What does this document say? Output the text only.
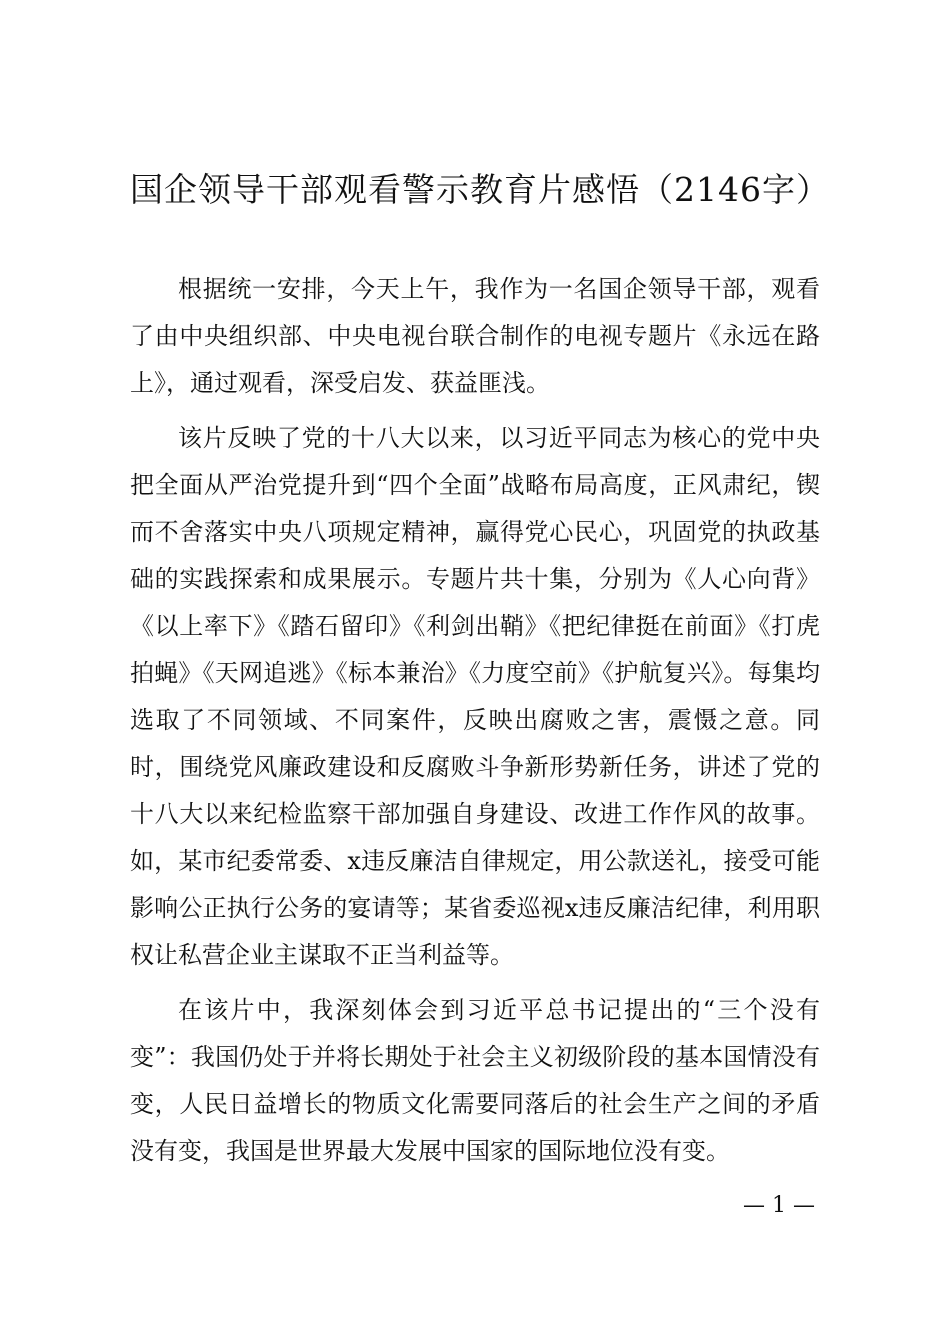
国企领导干部观看警示教育片感悟（2146字）

根据统一安排，今天上午，我作为一名国企领导干部，观看了由中央组织部、中央电视台联合制作的电视专题片《永远在路上》，通过观看，深受启发、获益匪浅。

该片反映了党的十八大以来，以习近平同志为核心的党中央把全面从严治党提升到“四个全面”战略布局高度，正风肃纪，锲而不舍落实中央八项规定精神，赢得党心民心，巩固党的执政基础的实践探索和成果展示。专题片共十集，分别为《人心向背》《以上率下》《踏石留印》《利剑出鞘》《把纪律挺在前面》《打虎拍蝇》《天网追逃》《标本兼治》《力度空前》《护航复兴》。每集均选取了不同领域、不同案件，反映出腐败之害，震慑之意。同时，围绕党风廉政建设和反腐败斗争新形势新任务，讲述了党的十八大以来纪检监察干部加强自身建设、改进工作作风的故事。如，某市纪委常委、x违反廉洁自律规定，用公款送礼，接受可能影响公正执行公务的宴请等；某省委巡视x违反廉洁纪律，利用职权让私营企业主谋取不正当利益等。

在该片中，我深刻体会到习近平总书记提出的“三个没有变”：我国仍处于并将长期处于社会主义初级阶段的基本国情没有变，人民日益增长的物质文化需要同落后的社会生产之间的矛盾没有变，我国是世界最大发展中国家的国际地位没有变。

— 1 —
